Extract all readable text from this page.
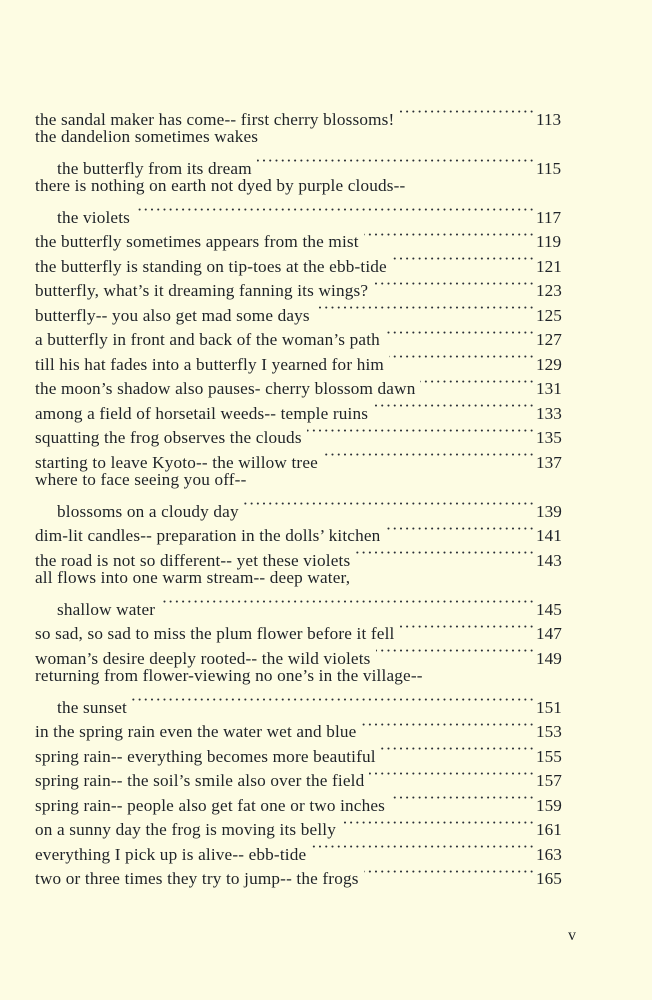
the sandal maker has come-- first cherry blossoms! ·····	113
the dandelion sometimes wakes
the butterfly from its dream ·····	115
there is nothing on earth not dyed by purple clouds--
the violets ·····	117
the butterfly sometimes appears from the mist ·····	119
the butterfly is standing on tip-toes at the ebb-tide ·····	121
butterfly, what’s it dreaming fanning its wings? ·····	123
butterfly-- you also get mad some days ·····	125
a butterfly in front and back of the woman’s path ·····	127
till his hat fades into a butterfly I yearned for him ·····	129
the moon’s shadow also pauses- cherry blossom dawn ·····	131
among a field of horsetail weeds-- temple ruins ·····	133
squatting the frog observes the clouds ·····	135
starting to leave Kyoto-- the willow tree ·····	137
where to face seeing you off--
blossoms on a cloudy day ·····	139
dim-lit candles-- preparation in the dolls’ kitchen ·····	141
the road is not so different-- yet these violets ·····	143
all flows into one warm stream-- deep water,
shallow water ·····	145
so sad, so sad to miss the plum flower before it fell ·····	147
woman’s desire deeply rooted-- the wild violets ·····	149
returning from flower-viewing no one’s in the village--
the sunset ·····	151
in the spring rain even the water wet and blue ·····	153
spring rain-- everything becomes more beautiful ·····	155
spring rain-- the soil’s smile also over the field ·····	157
spring rain-- people also get fat one or two inches ·····	159
on a sunny day the frog is moving its belly ·····	161
everything I pick up is alive-- ebb-tide ·····	163
two or three times they try to jump-- the frogs ·····	165
v
